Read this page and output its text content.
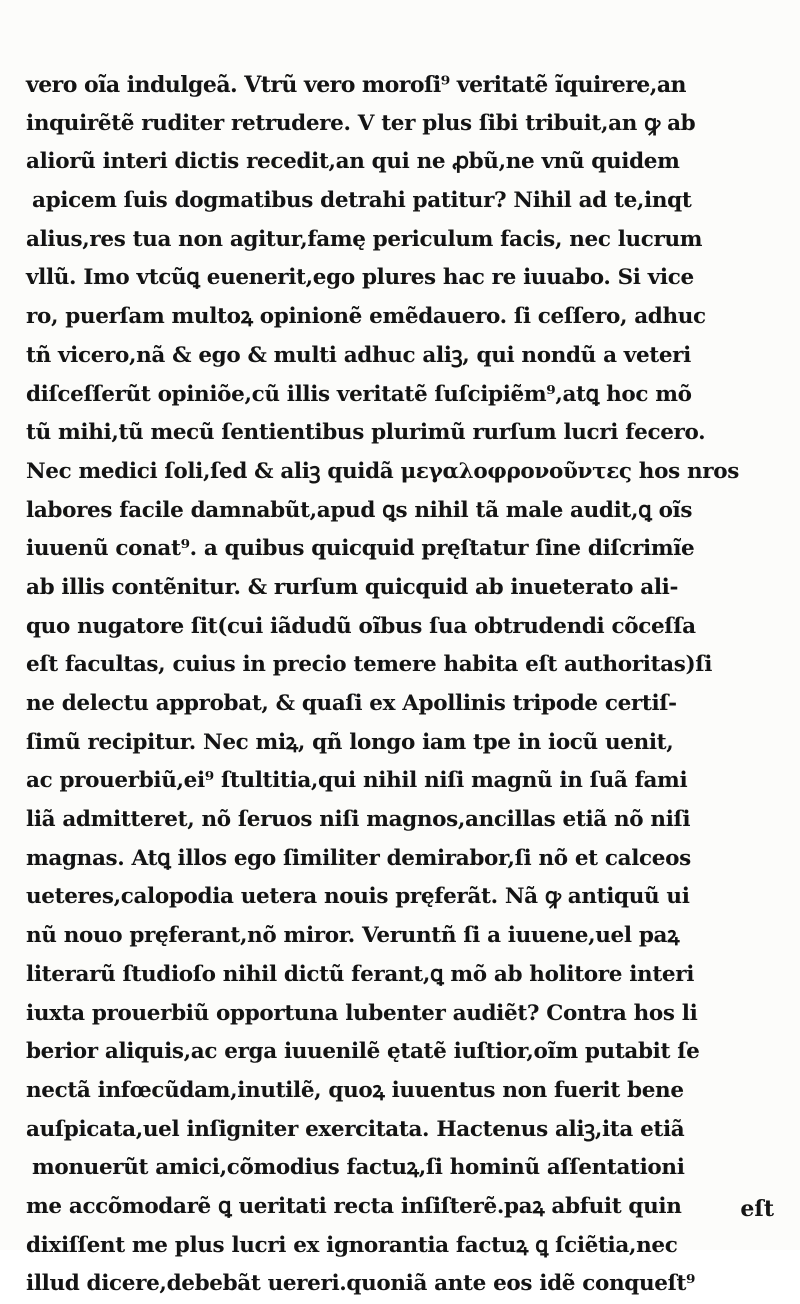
vero oĩa indulgeã. Vtrũ vero moroſi⁹ veritatẽ ĩquirere,an
inquirẽtẽ ruditer retrudere. V ter plus ſibi tribuit,an ꝙ ab
aliorũ interi dictis recedit,an qui ne ꝓbũ,ne vnũ quidem
apicem ſuis dogmatibus detrahi patitur? Nihil ad te,inqt
alius,res tua non agitur,famę periculum facis, nec lucrum
vllũ. Imo vtcũꝗ euenerit,ego plures hac re iuuabo. Si vice
ro, puerſam multoꝝ opinionẽ emẽdauero. ſi ceſſero, adhuc
tñ vicero,nã & ego & multi adhuc aliꝫ, qui nondũ a veteri
diſceſſerũt opiniõe,cũ illis veritatẽ ſuſcipiẽm⁹,atꝗ hoc mõ
tũ mihi,tũ mecũ ſentientibus plurimũ rurſum lucri fecero.
Nec medici ſoli,ſed & aliꝫ quidã μεγαλοφρονοῦντες hos nros
labores facile damnabũt,apud ꝗs nihil tã male audit,ꝗ oĩs
iuuenũ conat⁹. a quibus quicquid pręſtatur ſine diſcrimĩe
ab illis contẽnitur. & rurſum quicquid ab inueterato ali-
quo nugatore ſit(cui iãdudũ oĩbus ſua obtrudendi cõceſſa
eſt facultas, cuius in precio temere habita eſt authoritas)ſi
ne delectu approbat, & quaſi ex Apollinis tripode certiſ-
ſimũ recipitur. Nec miꝝ, qñ longo iam tpe in iocũ uenit,
ac prouerbiũ,ei⁹ ſtultitia,qui nihil niſi magnũ in ſuã fami
liã admitteret, nõ ſeruos niſi magnos,ancillas etiã nõ niſi
magnas. Atꝗ illos ego ſimiliter demirabor,ſi nõ et calceos
ueteres,calopodia uetera nouis pręferãt. Nã ꝙ antiquũ ui
nũ nouo pręferant,nõ miror. Veruntñ ſi a iuuene,uel paꝝ
literarũ ſtudioſo nihil dictũ ferant,ꝗ mõ ab holitore interi
iuxta prouerbiũ opportuna lubenter audiẽt? Contra hos li
berior aliquis,ac erga iuuenilẽ ętatẽ iuſtior,oĩm putabit ſe
nectã infœcũdam,inutilẽ, quoꝝ iuuentus non fuerit bene
auſpicata,uel inſigniter exercitata. Hactenus aliꝫ,ita etiã
monuerũt amici,cõmodius factuꝝ,ſi hominũ aſſentationi
me accõmodarẽ ꝗ ueritati recta inſiſterẽ.paꝝ abfuit quin
dixiſſent me plus lucri ex ignorantia factuꝝ ꝗ ſciẽtia,nec
illud dicere,debebãt uereri.quoniã ante eos idẽ conqueſt⁹
eſt
